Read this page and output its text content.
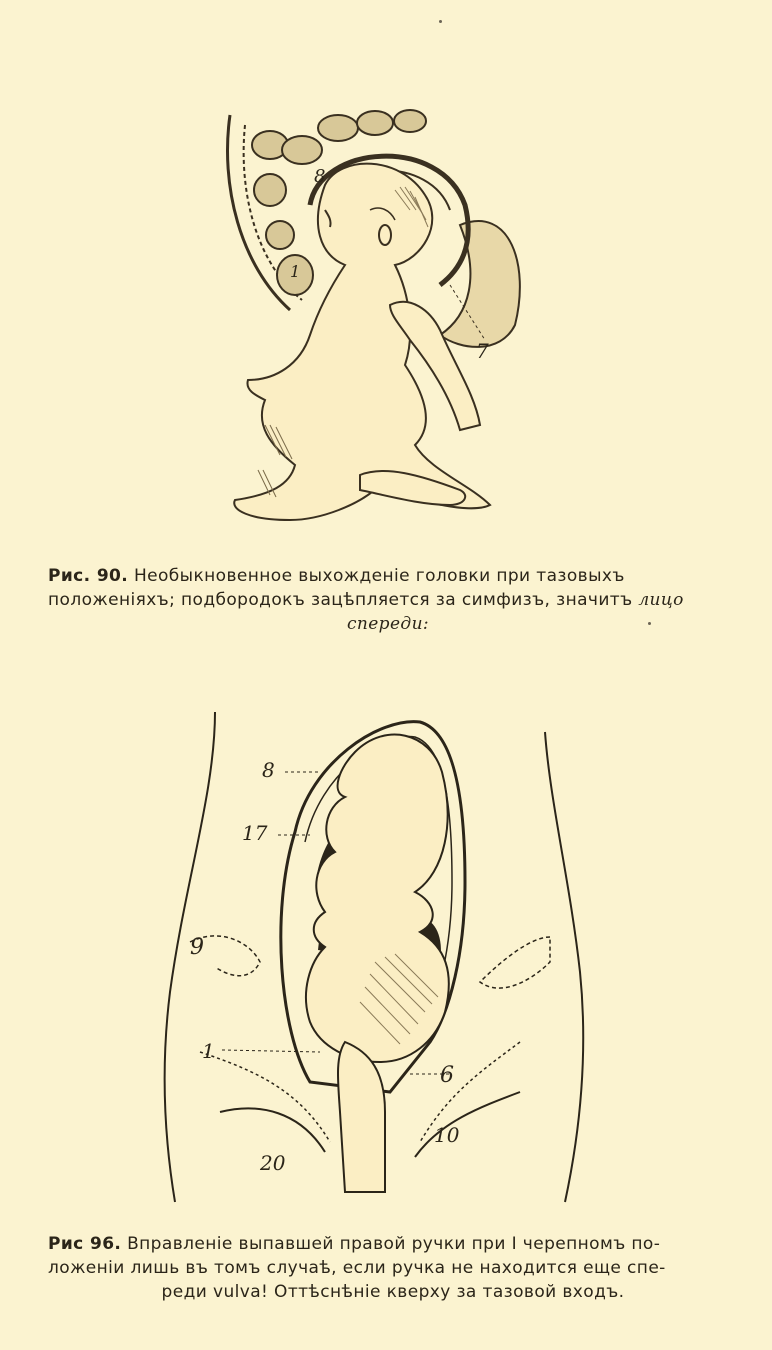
7
8
1
Рис. 90. Необыкновенное выхожденіе головки при тазовыхъ
положеніяхъ; подбородокъ зацѣпляется за симфизъ, значитъ лицо

спереди:
8
17
9
1
6
10
20
Рис 96. Вправленіе выпавшей правой ручки при I черепномъ по-
ложеніи лишь въ томъ случаѣ, если ручка не находится еще спе-

реди vulva! Оттѣснѣніе кверху за тазовой входъ.
